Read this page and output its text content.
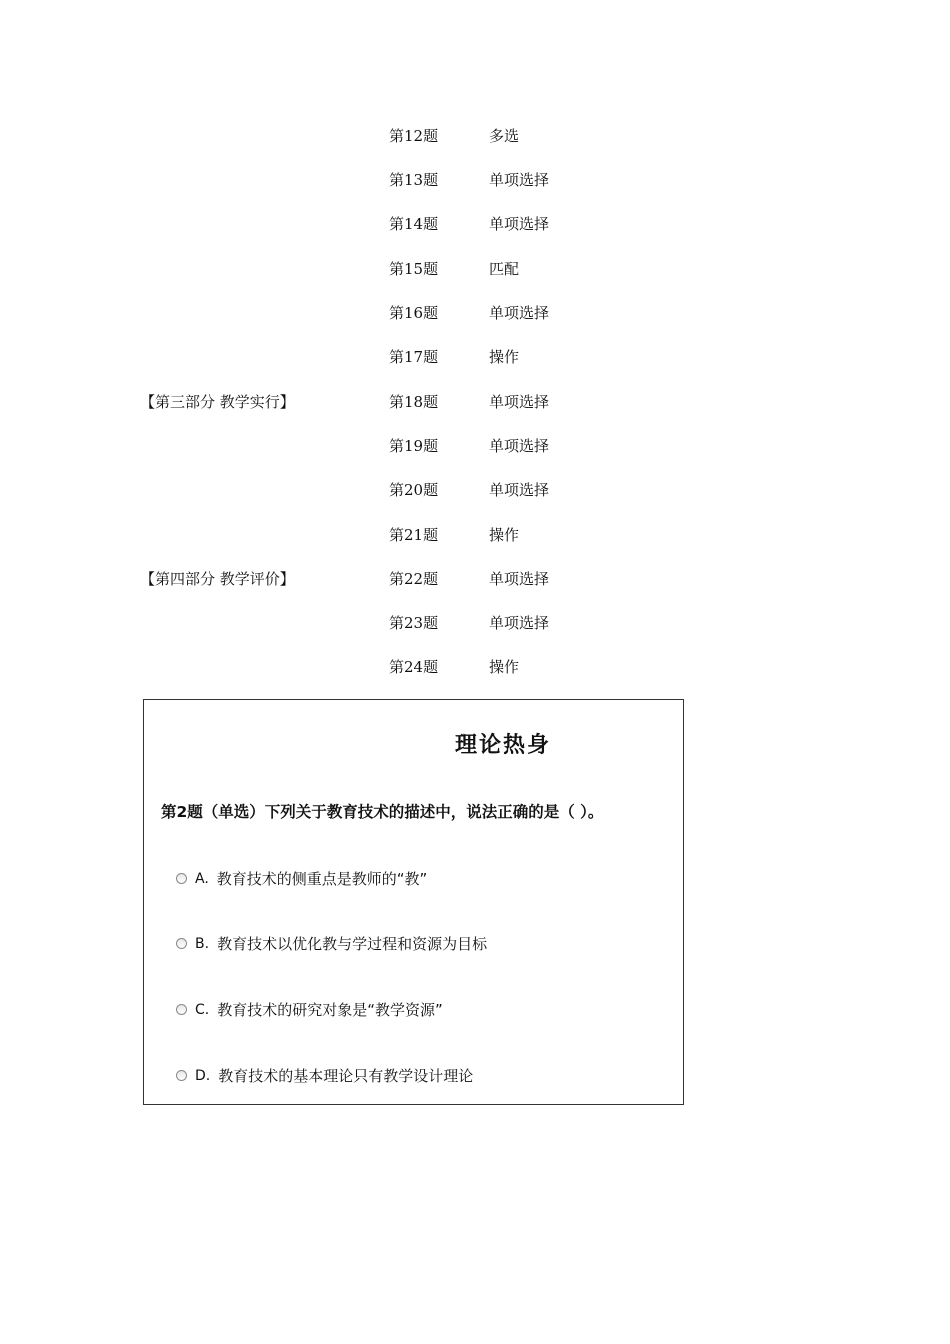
第12题	多选
第13题	单项选择
第14题	单项选择
第15题	匹配
第16题	单项选择
第17题	操作
【第三部分 教学实行】	第18题	单项选择
第19题	单项选择
第20题	单项选择
第21题	操作
【第四部分 教学评价】	第22题	单项选择
第23题	单项选择
第24题	操作
理论热身
第2题（单选）下列关于教育技术的描述中，说法正确的是（ ）。
A. 教育技术的侧重点是教师的“教”
B. 教育技术以优化教与学过程和资源为目标
C. 教育技术的研究对象是“教学资源”
D. 教育技术的基本理论只有教学设计理论
